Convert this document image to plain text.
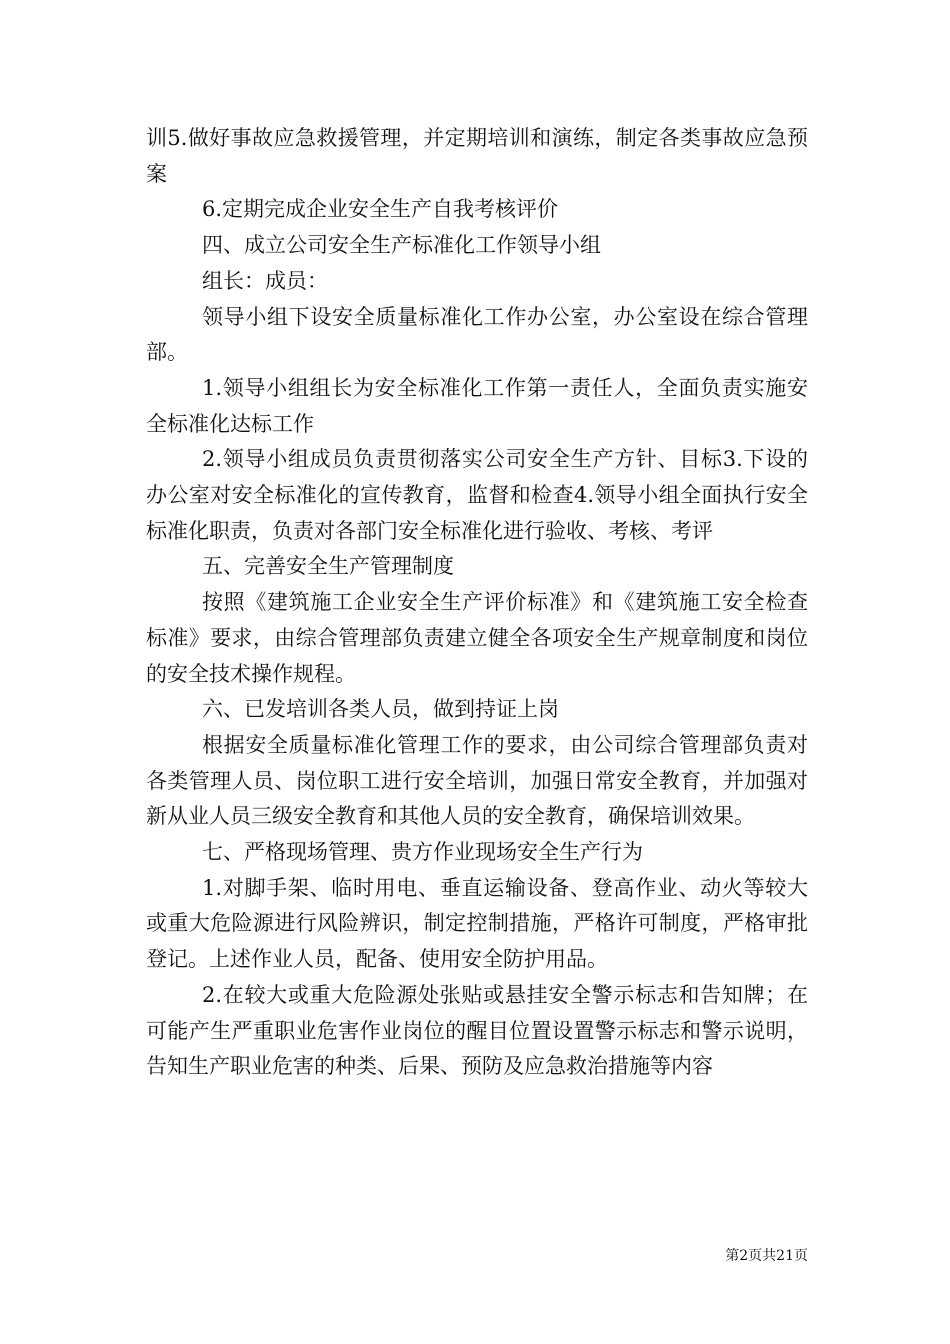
训5.做好事故应急救援管理，并定期培训和演练，制定各类事故应急预案

6.定期完成企业安全生产自我考核评价

四、成立公司安全生产标准化工作领导小组

组长：成员：

领导小组下设安全质量标准化工作办公室，办公室设在综合管理部。

1.领导小组组长为安全标准化工作第一责任人，全面负责实施安全标准化达标工作

2.领导小组成员负责贯彻落实公司安全生产方针、目标3.下设的办公室对安全标准化的宣传教育，监督和检查4.领导小组全面执行安全标准化职责，负责对各部门安全标准化进行验收、考核、考评

五、完善安全生产管理制度

按照《建筑施工企业安全生产评价标准》和《建筑施工安全检查标准》要求，由综合管理部负责建立健全各项安全生产规章制度和岗位的安全技术操作规程。

六、已发培训各类人员，做到持证上岗

根据安全质量标准化管理工作的要求，由公司综合管理部负责对各类管理人员、岗位职工进行安全培训，加强日常安全教育，并加强对新从业人员三级安全教育和其他人员的安全教育，确保培训效果。

七、严格现场管理、贵方作业现场安全生产行为

1.对脚手架、临时用电、垂直运输设备、登高作业、动火等较大或重大危险源进行风险辨识，制定控制措施，严格许可制度，严格审批登记。上述作业人员，配备、使用安全防护用品。

2.在较大或重大危险源处张贴或悬挂安全警示标志和告知牌；在可能产生严重职业危害作业岗位的醒目位置设置警示标志和警示说明，告知生产职业危害的种类、后果、预防及应急救治措施等内容

第2页共21页
